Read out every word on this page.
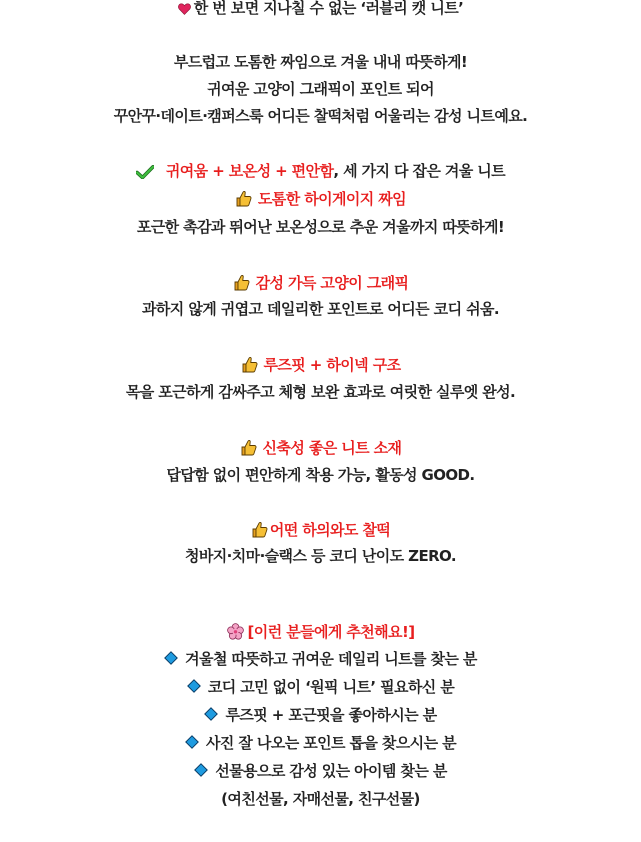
한 번 보면 지나칠 수 없는 ‘러블리 캣 니트’
부드럽고 도톰한 짜임으로 겨울 내내 따뜻하게!
귀여운 고양이 그래픽이 포인트 되어
꾸안꾸·데이트·캠퍼스룩 어디든 찰떡처럼 어울리는 감성 니트예요.
귀여움 + 보온성 + 편안함, 세 가지 다 잡은 겨울 니트
도톰한 하이게이지 짜임
포근한 촉감과 뛰어난 보온성으로 추운 겨울까지 따뜻하게!
감성 가득 고양이 그래픽
과하지 않게 귀엽고 데일리한 포인트로 어디든 코디 쉬움.
루즈핏 + 하이넥 구조
목을 포근하게 감싸주고 체형 보완 효과로 여릿한 실루엣 완성.
신축성 좋은 니트 소재
답답함 없이 편안하게 착용 가능, 활동성 GOOD.
어떤 하의와도 찰떡
청바지·치마·슬랙스 등 코디 난이도 ZERO.
[이런 분들에게 추천해요!]
겨울철 따뜻하고 귀여운 데일리 니트를 찾는 분
코디 고민 없이 ‘원픽 니트’ 필요하신 분
루즈핏 + 포근핏을 좋아하시는 분
사진 잘 나오는 포인트 톱을 찾으시는 분
선물용으로 감성 있는 아이템 찾는 분
(여친선물, 자매선물, 친구선물)
